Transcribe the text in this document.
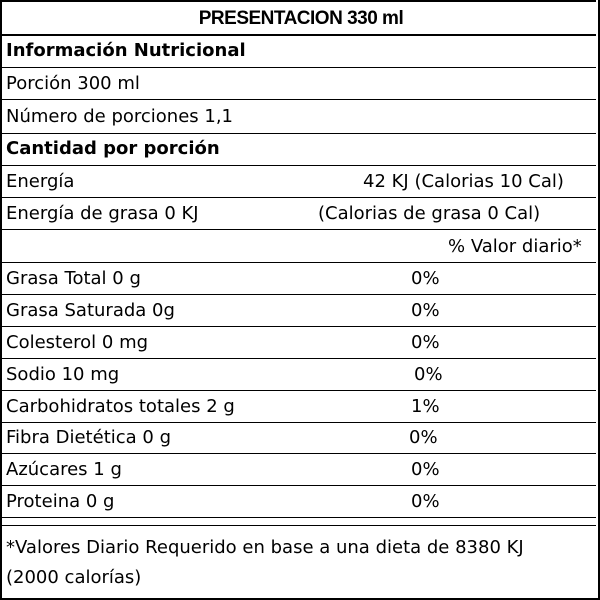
PRESENTACION 330 ml
Información Nutricional
Porción 300 ml
Número de porciones 1,1
Cantidad por porción
Energía	42 KJ (Calorias 10 Cal)
Energía de grasa 0 KJ	(Calorias de grasa 0 Cal)
% Valor diario*
Grasa Total 0 g	0%
Grasa Saturada 0g	0%
Colesterol 0 mg	0%
Sodio 10 mg	0%
Carbohidratos totales 2 g	1%
Fibra Dietética 0 g	0%
Azúcares 1 g	0%
Proteina 0 g	0%
*Valores Diario Requerido en base a una dieta de 8380 KJ
(2000 calorías)
